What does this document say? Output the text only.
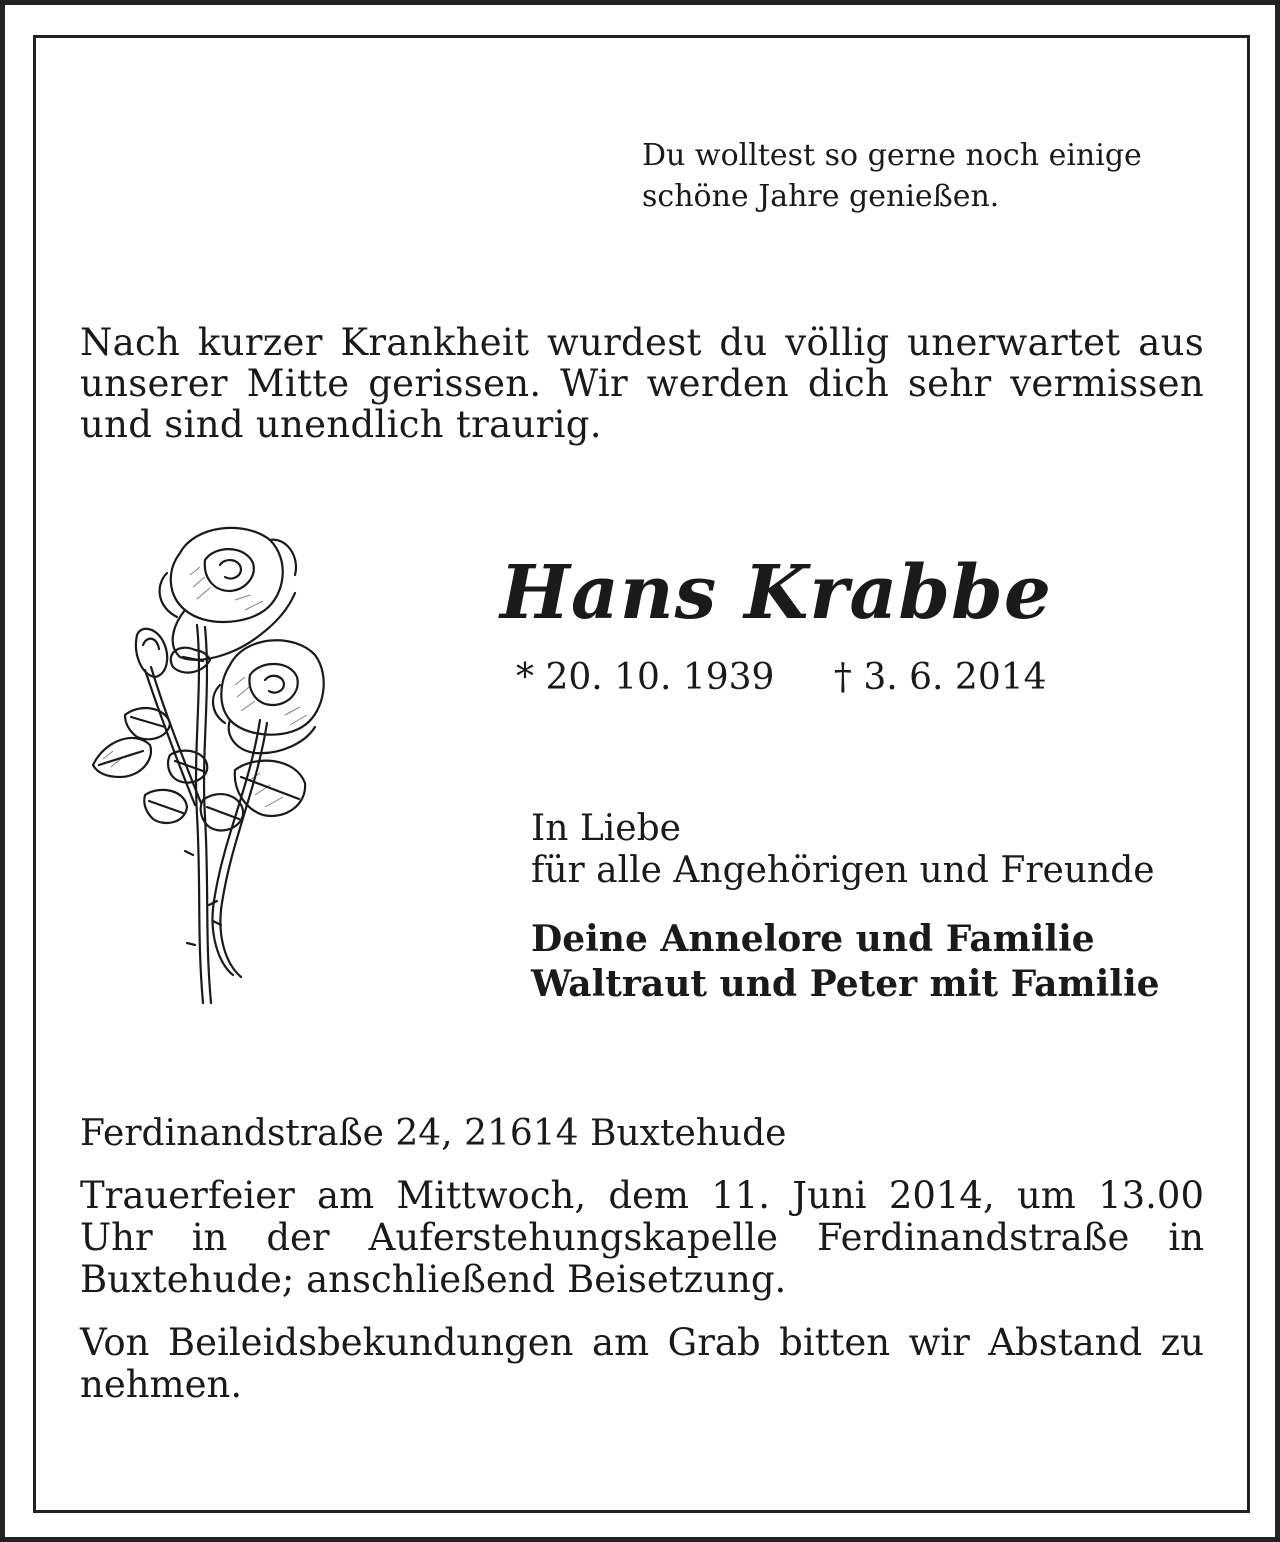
Du wolltest so gerne noch einige
schöne Jahre genießen.
Nach kurzer Krankheit wurdest du völlig unerwartet aus unserer Mitte gerissen. Wir werden dich sehr vermissen und sind unendlich traurig.
Hans Krabbe
* 20. 10. 1939 † 3. 6. 2014
In Liebe
für alle Angehörigen und Freunde
Deine Annelore und Familie
Waltraut und Peter mit Familie
Ferdinandstraße 24, 21614 Buxtehude
Trauerfeier am Mittwoch, dem 11. Juni 2014, um 13.00 Uhr in der Auferstehungskapelle Ferdinandstraße in Buxtehude; anschließend Beisetzung.
Von Beileidsbekundungen am Grab bitten wir Abstand zu nehmen.
